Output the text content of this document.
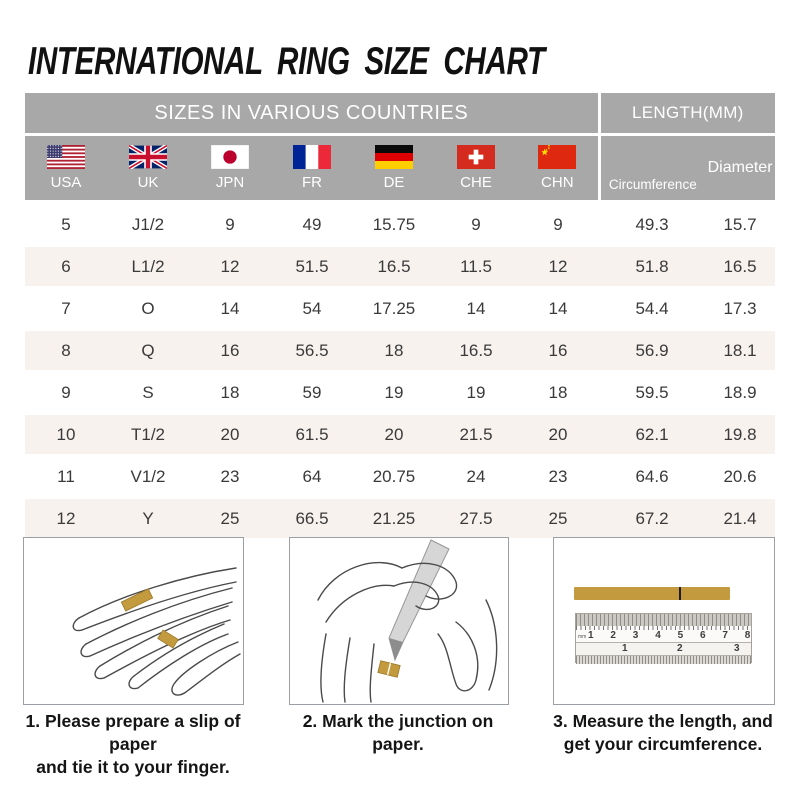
INTERNATIONAL RING SIZE CHART
SIZES IN VARIOUS COUNTRIES							LENGTH(MM)	

USA	UK	JPN	FR	DE	CHE	CHN	Circumference	Diameter
5	J1/2	9	49	15.75	9	9	49.3	15.7
6	L1/2	12	51.5	16.5	11.5	12	51.8	16.5
7	O	14	54	17.25	14	14	54.4	17.3
8	Q	16	56.5	18	16.5	16	56.9	18.1
9	S	18	59	19	19	18	59.5	18.9
10	T1/2	20	61.5	20	21.5	20	62.1	19.8
11	V1/2	23	64	20.75	24	23	64.6	20.6
12	Y	25	66.5	21.25	27.5	25	67.2	21.4
mm 1 2 3 4 5 6 7 8
1	2	3
1. Please prepare a slip of paper
and tie it to your finger.
2. Mark the junction on paper.
3. Measure the length, and
get your circumference.
